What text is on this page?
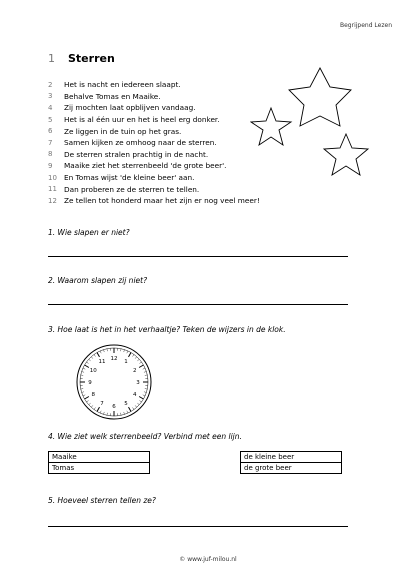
Begrijpend Lezen
1	Sterren
2	Het is nacht en iedereen slaapt.
3	Behalve Tomas en Maaike.
4	Zij mochten laat opblijven vandaag.
5	Het is al één uur en het is heel erg donker.
6	Ze liggen in de tuin op het gras.
7	Samen kijken ze omhoog naar de sterren.
8	De sterren stralen prachtig in de nacht.
9	Maaike ziet het sterrenbeeld 'de grote beer'.
10 En Tomas wijst 'de kleine beer' aan.
11 Dan proberen ze de sterren te tellen.
12 Ze tellen tot honderd maar het zijn er nog veel meer!
1. Wie slapen er niet?
2. Waarom slapen zij niet?
3. Hoe laat is het in het verhaaltje? Teken de wijzers in de klok.
12
1
2
3
4
5
6
7
8
9
10
11
4. Wie ziet welk sterrenbeeld? Verbind met een lijn.
Maaike
Tomas
de kleine beer
de grote beer
5. Hoeveel sterren tellen ze?
© www.juf-milou.nl
